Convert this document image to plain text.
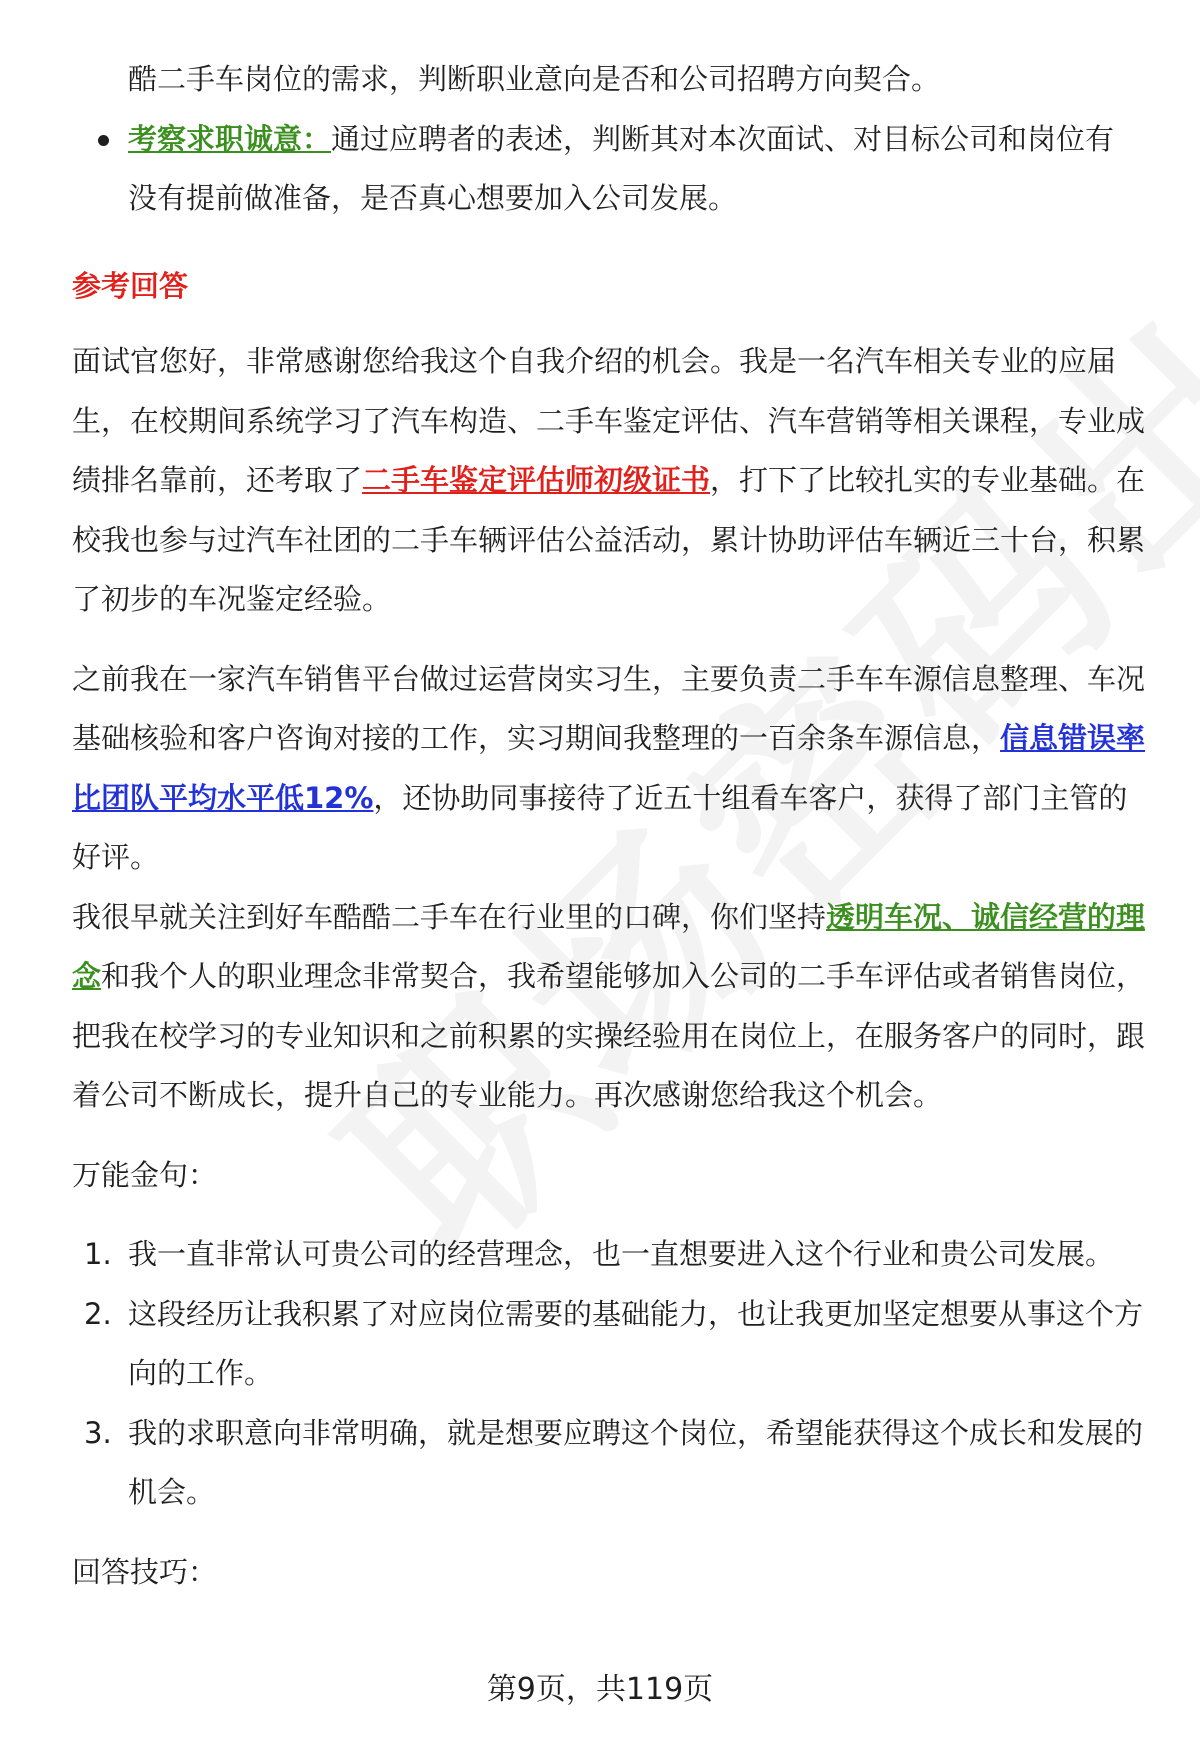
酷二手车岗位的需求，判断职业意向是否和公司招聘方向契合。

考察求职诚意：通过应聘者的表述，判断其对本次面试、对目标公司和岗位有
没有提前做准备，是否真心想要加入公司发展。

参考回答

面试官您好，非常感谢您给我这个自我介绍的机会。我是一名汽车相关专业的应届生，在校期间系统学习了汽车构造、二手车鉴定评估、汽车营销等相关课程，专业成绩排名靠前，还考取了二手车鉴定评估师初级证书，打下了比较扎实的专业基础。在校我也参与过汽车社团的二手车辆评估公益活动，累计协助评估车辆近三十台，积累了初步的车况鉴定经验。

之前我在一家汽车销售平台做过运营岗实习生，主要负责二手车车源信息整理、车况基础核验和客户咨询对接的工作，实习期间我整理的一百余条车源信息，信息错误率比团队平均水平低12%，还协助同事接待了近五十组看车客户，获得了部门主管的好评。

我很早就关注到好车酷酷二手车在行业里的口碑，你们坚持透明车况、诚信经营的理念和我个人的职业理念非常契合，我希望能够加入公司的二手车评估或者销售岗位，把我在校学习的专业知识和之前积累的实操经验用在岗位上，在服务客户的同时，跟着公司不断成长，提升自己的专业能力。再次感谢您给我这个机会。

万能金句：

1. 我一直非常认可贵公司的经营理念，也一直想要进入这个行业和贵公司发展。
2. 这段经历让我积累了对应岗位需要的基础能力，也让我更加坚定想要从事这个方向的工作。
3. 我的求职意向非常明确，就是想要应聘这个岗位，希望能获得这个成长和发展的机会。

回答技巧：

第9页，共119页
